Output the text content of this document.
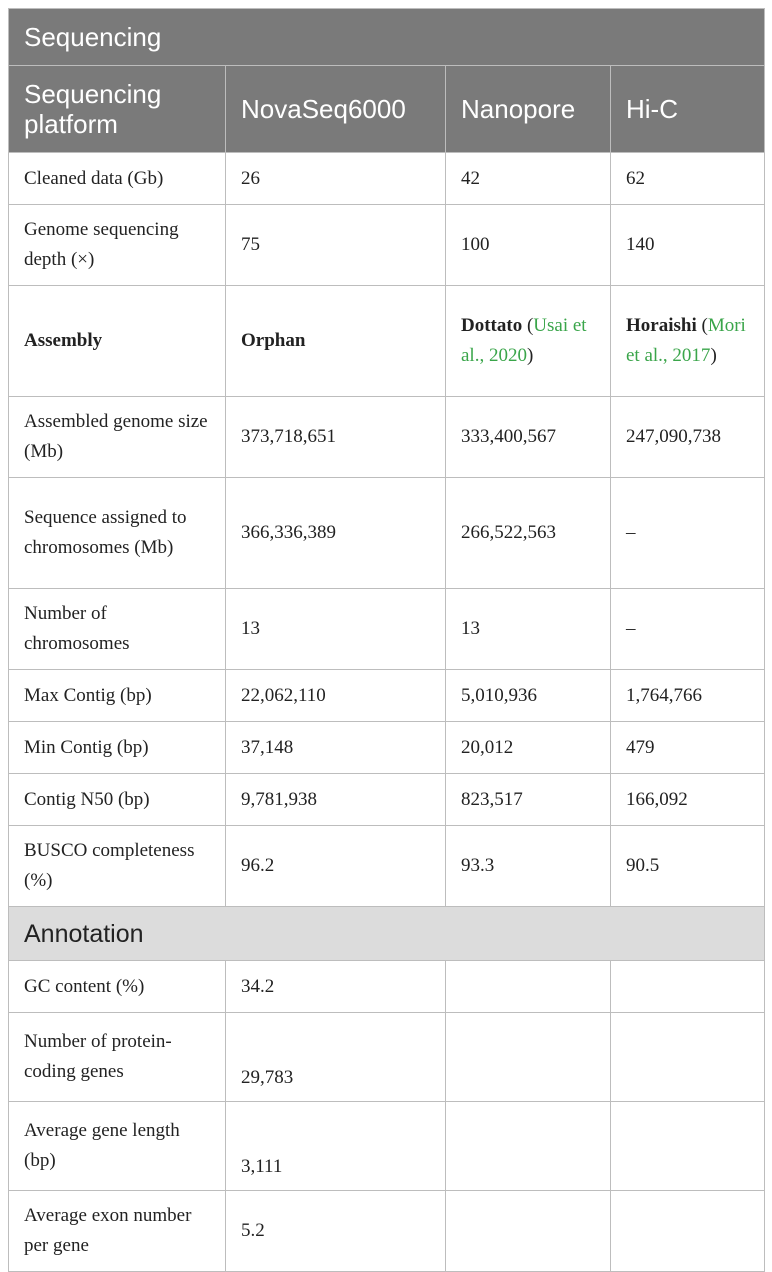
Sequencing			
Sequencing platform	NovaSeq6000	Nanopore	Hi-C
Cleaned data (Gb)	26	42	62
Genome sequencing depth (×)	75	100	140
Assembly	Orphan	Dottato (Usai et al., 2020)	Horaishi (Mori et al., 2017)
Assembled genome size (Mb)	373,718,651	333,400,567	247,090,738
Sequence assigned to chromosomes (Mb)	366,336,389	266,522,563	–
Number of chromosomes	13	13	–
Max Contig (bp)	22,062,110	5,010,936	1,764,766
Min Contig (bp)	37,148	20,012	479
Contig N50 (bp)	9,781,938	823,517	166,092
BUSCO completeness (%)	96.2	93.3	90.5
Annotation			
GC content (%)	34.2		
Number of protein-coding genes	29,783		
Average gene length (bp)	3,111		
Average exon number per gene	5.2		
